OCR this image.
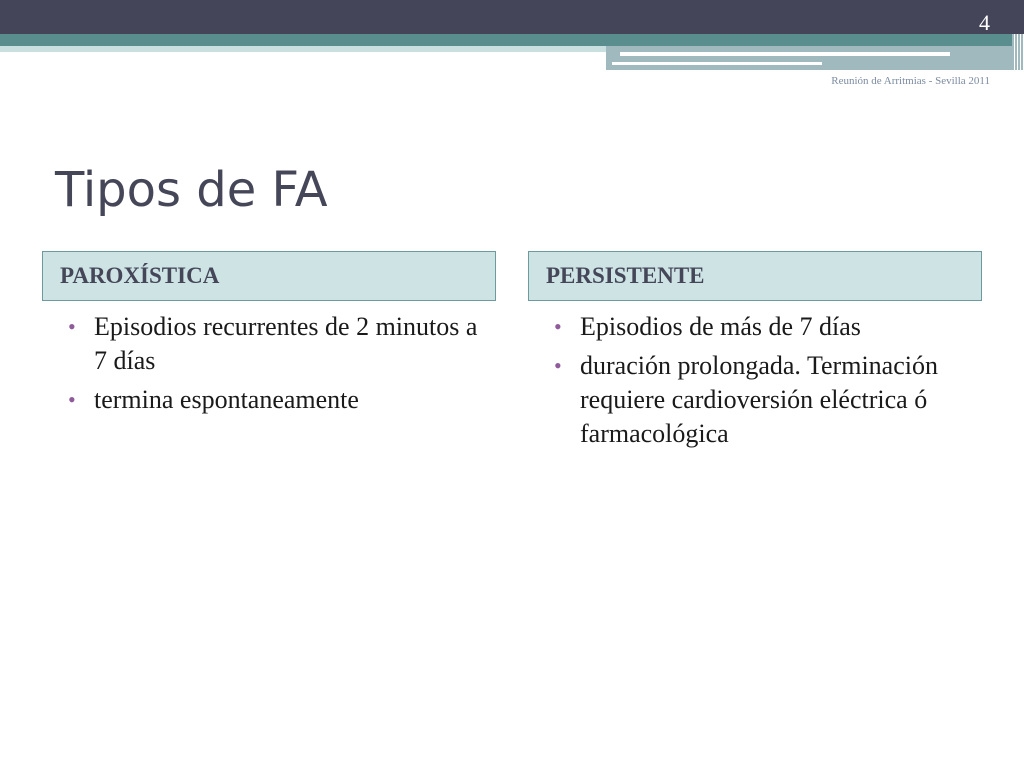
4
Reunión de Arritmias - Sevilla 2011
Tipos de FA
PAROXÍSTICA	PERSISTENTE
• Episodios recurrentes de 2 minutos a 7 días
• termina espontaneamente
• Episodios de más de 7 días
• duración prolongada. Terminación requiere cardioversión eléctrica ó farmacológica
